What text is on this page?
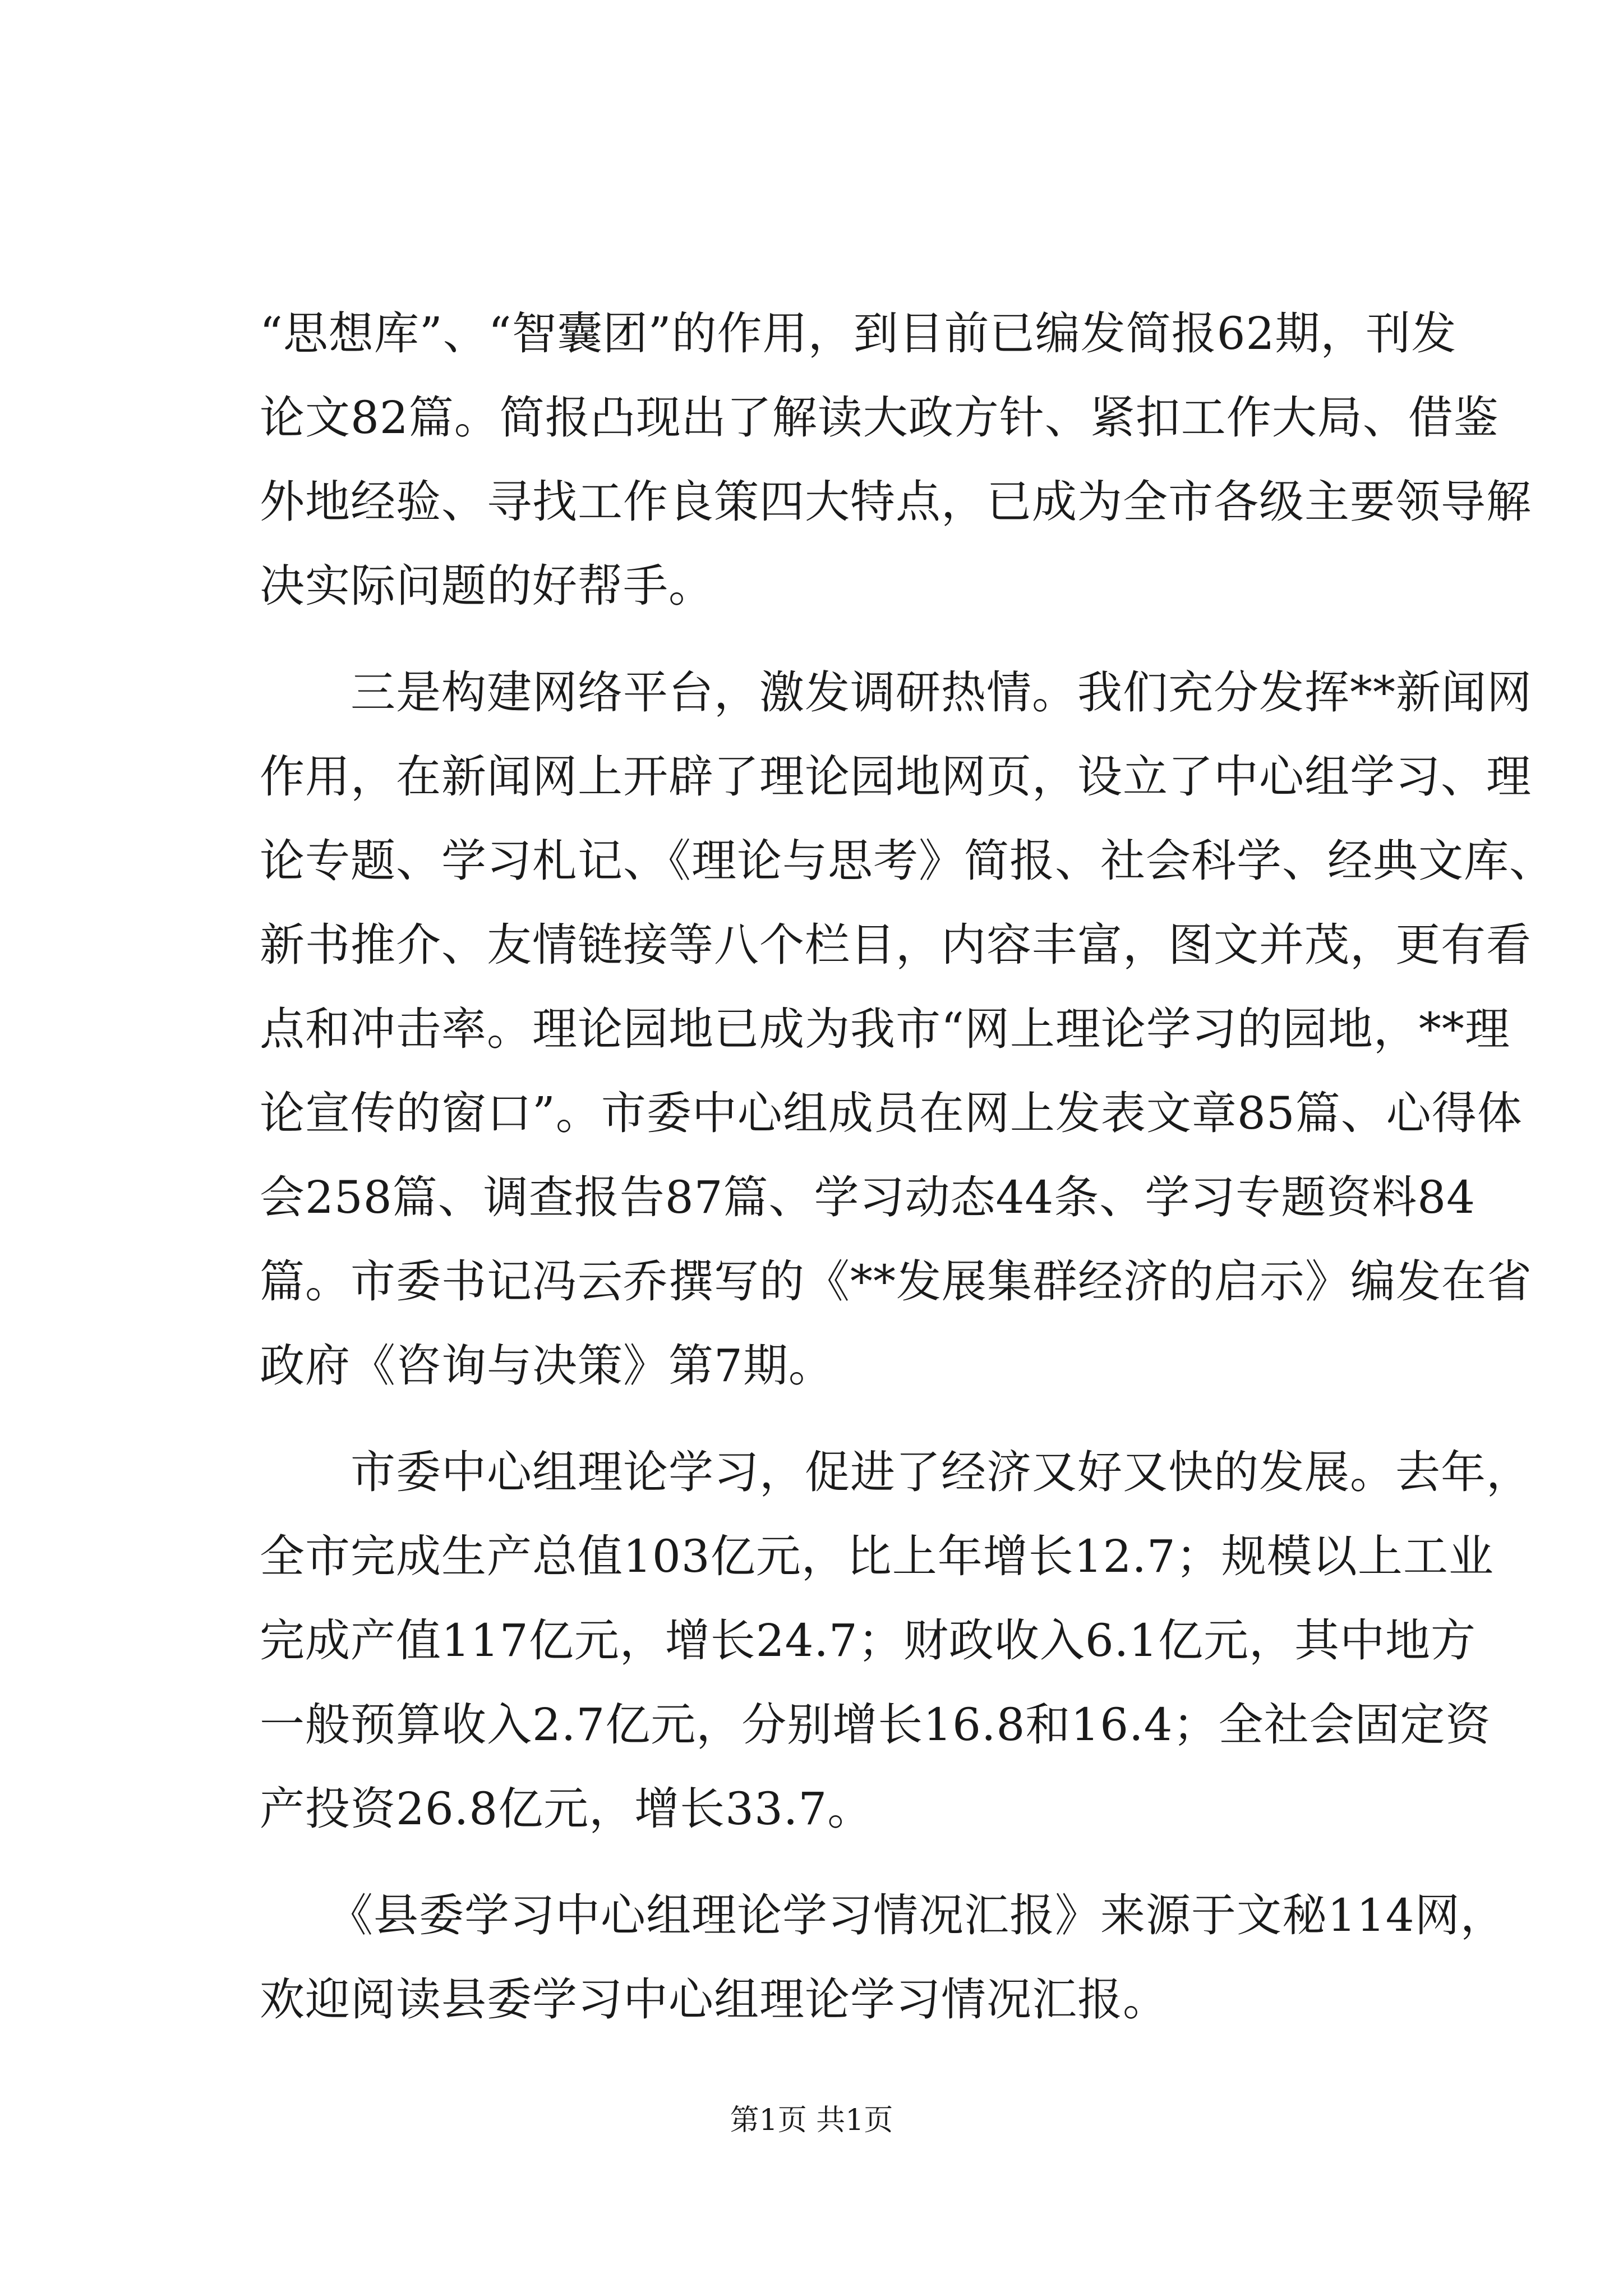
“思想库”、“智囊团”的作用，到目前已编发简报62期，刊发
论文82篇。简报凸现出了解读大政方针、紧扣工作大局、借鉴
外地经验、寻找工作良策四大特点，已成为全市各级主要领导解
决实际问题的好帮手。
　　三是构建网络平台，激发调研热情。我们充分发挥**新闻网
作用，在新闻网上开辟了理论园地网页，设立了中心组学习、理
论专题、学习札记、《理论与思考》简报、社会科学、经典文库、
新书推介、友情链接等八个栏目，内容丰富，图文并茂，更有看
点和冲击率。理论园地已成为我市“网上理论学习的园地，**理
论宣传的窗口”。市委中心组成员在网上发表文章85篇、心得体
会258篇、调查报告87篇、学习动态44条、学习专题资料84
篇。市委书记冯云乔撰写的《**发展集群经济的启示》编发在省
政府《咨询与决策》第7期。
　　市委中心组理论学习，促进了经济又好又快的发展。去年，
全市完成生产总值103亿元，比上年增长12.7；规模以上工业
完成产值117亿元，增长24.7；财政收入6.1亿元，其中地方
一般预算收入2.7亿元，分别增长16.8和16.4；全社会固定资
产投资26.8亿元，增长33.7。
　　《县委学习中心组理论学习情况汇报》来源于文秘114网，
欢迎阅读县委学习中心组理论学习情况汇报。
第1页 共1页
